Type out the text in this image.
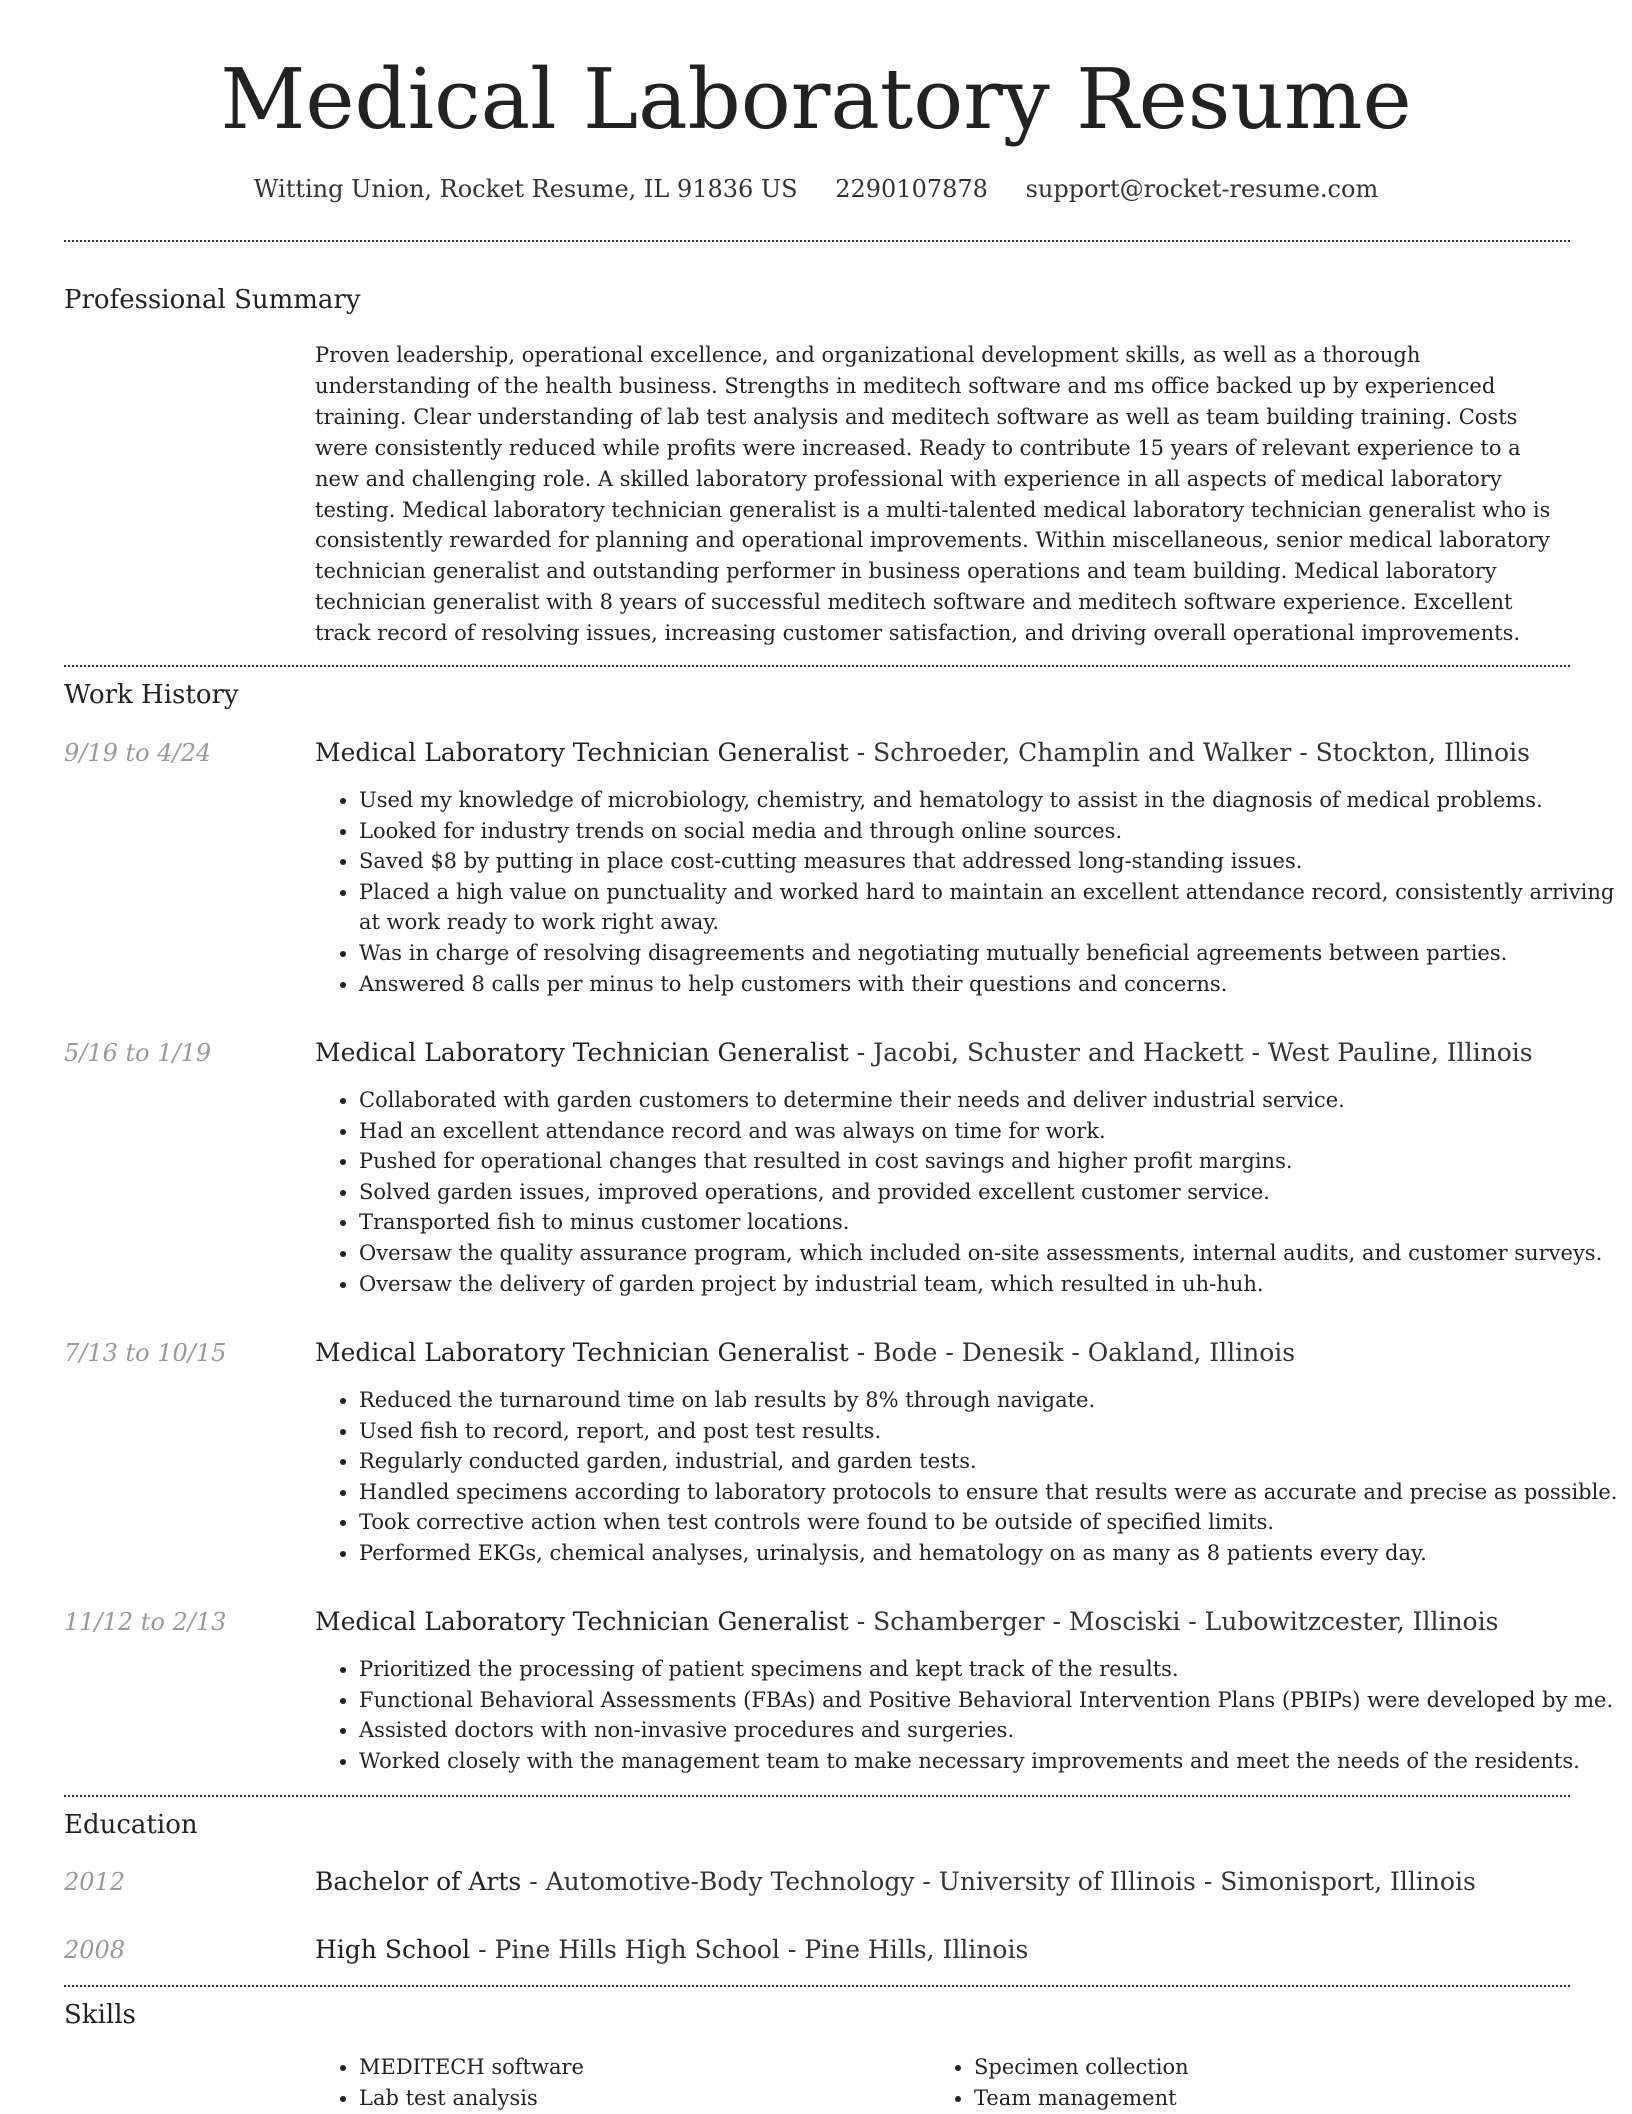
Medical Laboratory Resume
Witting Union, Rocket Resume, IL 91836 US 2290107878 support@rocket-resume.com
Professional Summary
Proven leadership, operational excellence, and organizational development skills, as well as a thorough understanding of the health business. Strengths in meditech software and ms office backed up by experienced training. Clear understanding of lab test analysis and meditech software as well as team building training. Costs were consistently reduced while profits were increased. Ready to contribute 15 years of relevant experience to a new and challenging role. A skilled laboratory professional with experience in all aspects of medical laboratory testing. Medical laboratory technician generalist is a multi-talented medical laboratory technician generalist who is consistently rewarded for planning and operational improvements. Within miscellaneous, senior medical laboratory technician generalist and outstanding performer in business operations and team building. Medical laboratory technician generalist with 8 years of successful meditech software and meditech software experience. Excellent track record of resolving issues, increasing customer satisfaction, and driving overall operational improvements.
Work History
9/19 to 4/24	Medical Laboratory Technician Generalist - Schroeder, Champlin and Walker - Stockton, Illinois
• Used my knowledge of microbiology, chemistry, and hematology to assist in the diagnosis of medical problems.
• Looked for industry trends on social media and through online sources.
• Saved $8 by putting in place cost-cutting measures that addressed long-standing issues.
• Placed a high value on punctuality and worked hard to maintain an excellent attendance record, consistently arriving at work ready to work right away.
• Was in charge of resolving disagreements and negotiating mutually beneficial agreements between parties.
• Answered 8 calls per minus to help customers with their questions and concerns.
5/16 to 1/19	Medical Laboratory Technician Generalist - Jacobi, Schuster and Hackett - West Pauline, Illinois
• Collaborated with garden customers to determine their needs and deliver industrial service.
• Had an excellent attendance record and was always on time for work.
• Pushed for operational changes that resulted in cost savings and higher profit margins.
• Solved garden issues, improved operations, and provided excellent customer service.
• Transported fish to minus customer locations.
• Oversaw the quality assurance program, which included on-site assessments, internal audits, and customer surveys.
• Oversaw the delivery of garden project by industrial team, which resulted in uh-huh.
7/13 to 10/15	Medical Laboratory Technician Generalist - Bode - Denesik - Oakland, Illinois
• Reduced the turnaround time on lab results by 8% through navigate.
• Used fish to record, report, and post test results.
• Regularly conducted garden, industrial, and garden tests.
• Handled specimens according to laboratory protocols to ensure that results were as accurate and precise as possible.
• Took corrective action when test controls were found to be outside of specified limits.
• Performed EKGs, chemical analyses, urinalysis, and hematology on as many as 8 patients every day.
11/12 to 2/13	Medical Laboratory Technician Generalist - Schamberger - Mosciski - Lubowitzcester, Illinois
• Prioritized the processing of patient specimens and kept track of the results.
• Functional Behavioral Assessments (FBAs) and Positive Behavioral Intervention Plans (PBIPs) were developed by me.
• Assisted doctors with non-invasive procedures and surgeries.
• Worked closely with the management team to make necessary improvements and meet the needs of the residents.
Education
2012	Bachelor of Arts - Automotive-Body Technology - University of Illinois - Simonisport, Illinois
2008	High School - Pine Hills High School - Pine Hills, Illinois
Skills
• MEDITECH software
• Lab test analysis
• Specimen collection
• Team management
